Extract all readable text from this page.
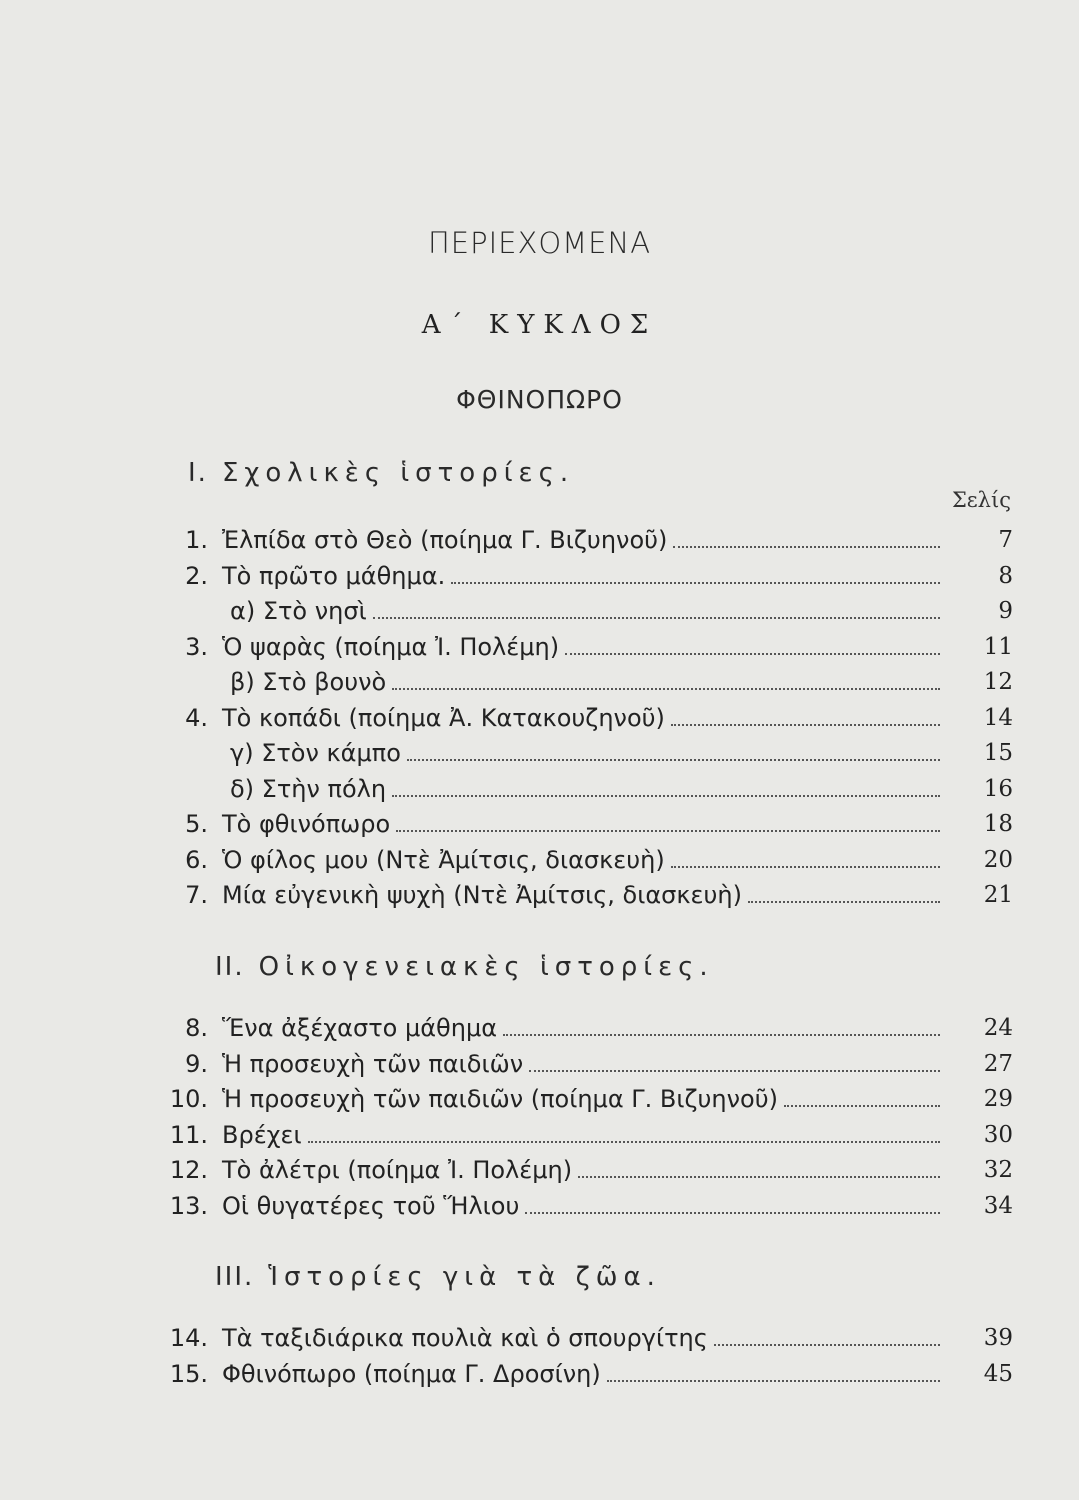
ΠΕΡΙΕΧΟΜΕΝΑ
Α΄ ΚΥΚΛΟΣ
ΦΘΙΝΟΠΩΡΟ
Σελίς
Ι. Σχολικὲς ἱστορίες.
1. Ἐλπίδα στὸ Θεὸ (ποίημα Γ. Βιζυηνοῦ)	7
2. Τὸ πρῶτο μάθημα.	8
α) Στὸ νησὶ	9
3. Ὁ ψαρὰς (ποίημα Ἰ. Πολέμη)	11
β) Στὸ βουνὸ	12
4. Τὸ κοπάδι (ποίημα Ἀ. Κατακουζηνοῦ)	14
γ) Στὸν κάμπο	15
δ) Στὴν πόλη	16
5. Τὸ φθινόπωρο	18
6. Ὁ φίλος μου (Ντὲ Ἀμίτσις, διασκευὴ)	20
7. Μία εὐγενικὴ ψυχὴ (Ντὲ Ἀμίτσις, διασκευὴ)	21
ΙΙ. Οἰκογενειακὲς ἱστορίες.
8. Ἕνα ἀξέχαστο μάθημα	24
9. Ἡ προσευχὴ τῶν παιδιῶν	27
10. Ἡ προσευχὴ τῶν παιδιῶν (ποίημα Γ. Βιζυηνοῦ)	29
11. Βρέχει	30
12. Τὸ ἀλέτρι (ποίημα Ἰ. Πολέμη)	32
13. Οἱ θυγατέρες τοῦ Ἥλιου	34
ΙΙΙ. Ἱστορίες γιὰ τὰ ζῶα.
14. Τὰ ταξιδιάρικα πουλιὰ καὶ ὁ σπουργίτης	39
15. Φθινόπωρο (ποίημα Γ. Δροσίνη)	45
